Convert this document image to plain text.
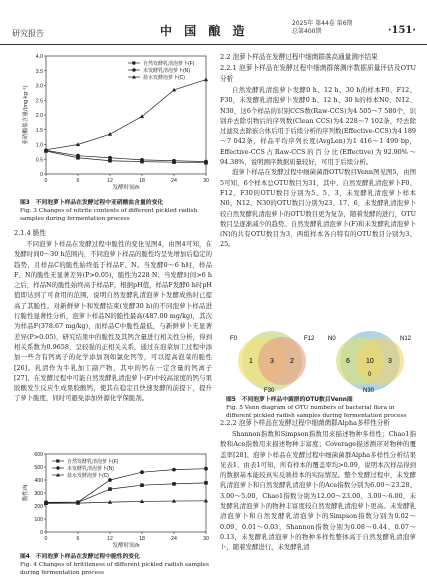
研究报告	中 国 酿 造
2025年 第44卷 第6期
总第400期	·151·
0
0.5
1.0
1.5
2.0
2.5
3.0
3.5
4.0
0	6	12	18	24	30
发酵时间/h
亚硝酸盐含量/(mg·kg⁻¹)
自然发酵乳清泡萝卜(F)
未发酵乳清泡萝卜(N)
盐水发酵泡萝卜(C)
图3　不同泡萝卜样品在发酵过程中亚硝酸盐含量的变化
Fig. 3 Changes of nitrite contents of different pickled radish samples during fermentation process
2.1.4 脆性

不同泡萝卜样品在发酵过程中脆性的变化见图4，由图4可知，在发酵时间0～30 h范围内，不同泡萝卜样品的脆性均呈先增加后稳定的趋势，且样品C的脆性始终低于样品F、N。当发酵0～6 h时，样品F、N的脆性无显著差异(P>0.05)，脆性为228 N；当发酵时间>6 h之后，样品N的脆性始终高于样品F，根据pH值，样品F发酵6 h时pH值即达到了可食用的范围，说明自然发酵乳清泡萝卜发酵成熟时已提高了其脆性。对新鲜萝卜和发酵结束(发酵30 h)的不同泡萝卜样品进行脆性显著性分析，泡萝卜样品N的脆性最高(487.00 mg/kg)，其次为样品F(378.67 mg/kg)，而样品C中脆性最低，与新鲜萝卜无显著差异(P>0.05)，研究结果中的脆性及其钙含量进行相关性分析，得到相关系数为0.9658，呈较强的正相关关系，通过在泡菜加工过程中添加一些含有钙离子的化学添加剂如氯化钙等，可以提高泡菜的脆性[26]。乳清作为牛乳加工副产物，其中的钙在一定含量的钙离子[27]，在发酵过程中可能自然发酵乳清泡萝卜(F)中较高浓度的钙与果胶酸发生反应生成果胶酸钙，使其在稳定且快速发酵的前提下，提升了萝卜脆度，同时可避免添加外源化学保脆剂。

0
100
200
300
400
500
600
0	6	12	18	24	30
发酵时间/h
脆性/N
自然发酵乳清泡萝卜(F)
未发酵乳清泡萝卜(N)
盐水发酵泡萝卜(C)
图4　不同泡萝卜样品在发酵过程中脆性的变化
Fig. 4 Changes of brittleness of different pickled radish samples during fermentation process
2.2 泡萝卜样品在发酵过程中细菌群落高通量测序结果
2.2.1 泡萝卜样品在发酵过程中细菌群落测序数据质量评估及OTU分析

自然发酵乳清泡萝卜发酵0 h、12 h、30 h的样本F0、F12、F30，未发酵乳清泡萝卜发酵0 h、12 h、30 h的样本N0、N12、N30，这6个样品的识别CCS数(Raw-CCS)为4 505～7 580个，识别并去除引物后的序列数(Clean CCS)为4 228～7 102条，经去除过滤及去除嵌合体后用于后续分析的序列数(Effective-CCS)为4 189～7 042条，样品平均序列长度(AvgLen)为1 416～1 499 bp，Effective-CCS占Raw-CCS的百分比(Effective)为92.90%～94.38%，说明测序数据质量较好，可用于后续分析。

泡萝卜样品在发酵过程中细菌菌群OTU数目Venn图见图5，由图5可知，6个样本总OTU数目为31，其中，自然发酵乳清泡萝卜F0、F12、F30的OTU数目分别为5、5、3，未发酵乳清泡萝卜样本N0、N12、N30的OTU数目分别为23、17、6，未发酵乳清泡萝卜较自然发酵乳清泡萝卜的OTU数目更为复杂，随着发酵的进行，OTU数目呈逐渐减少的趋势。自然发酵乳清泡萝卜(F)和未发酵乳清泡萝卜(N)的共有OTU数目为3，两组样本各自特有的OTU数目分别为3、25。

F0	F12
F30
1 3 2
N0	N12
N30
6 10 3
0
图5　不同泡萝卜样品中菌群的OTU数目Venn图
Fig. 5 Venn diagram of OTU numbers of bacterial flora in different pickled radish samples during fermentation process
2.2.2 泡萝卜样品在发酵过程中细菌菌群Alpha多样性分析

Shannon指数和Simpson指数用来描述物种多样性；Chao1指数和Ace指数用来描述物种丰富度；Coverage描述测序对物种的覆盖率[28]。泡萝卜样品在发酵过程中细菌菌群Alpha多样性分析结果见表1，由表1可知，所有样本的覆盖率均>0.99，说明本次样品得到的数据基本能较真实反映样本的实际情况。整个发酵过程中，未发酵乳清泡萝卜和自然发酵乳清泡萝卜的Ace指数分别为6.00～23.28、3.00～5.00，Chao1指数分别为12.00～23.00、3.00～6.00，未发酵乳清泡萝卜的物种丰富度较自然发酵乳清泡萝卜更高。未发酵乳清泡萝卜和自然发酵乳清泡萝卜的Simpson指数分别为0.02～0.09、0.01～0.03，Shannon指数分别为0.08～0.44、0.07～0.13，未发酵乳清泡萝卜的物种多样性整体高于自然发酵乳清泡萝卜，随着发酵进行，未发酵乳清
